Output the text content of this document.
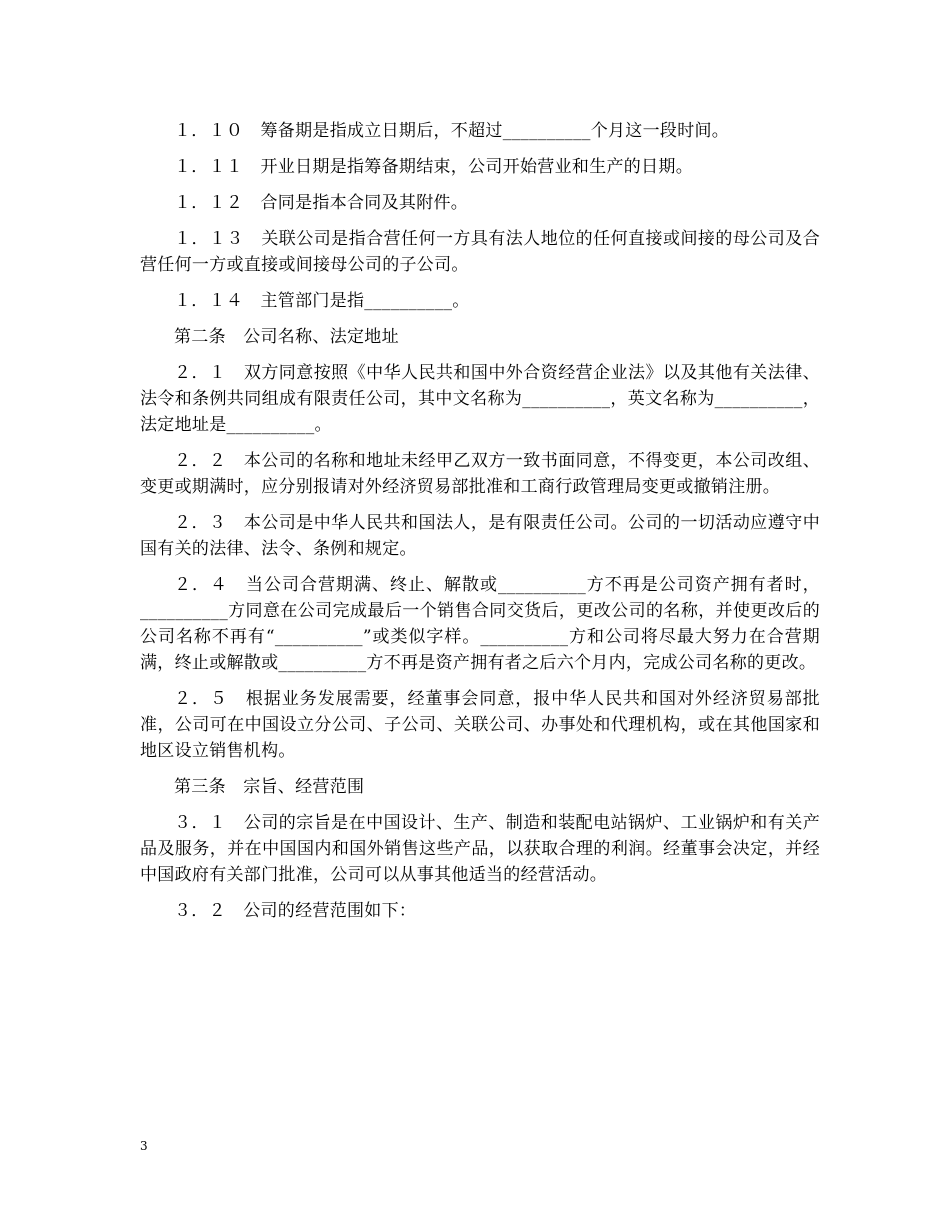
１．１０　筹备期是指成立日期后，不超过__________个月这一段时间。

１．１１　开业日期是指筹备期结束，公司开始营业和生产的日期。

１．１２　合同是指本合同及其附件。

１．１３　关联公司是指合营任何一方具有法人地位的任何直接或间接的母公司及合营任何一方或直接或间接母公司的子公司。

１．１４　主管部门是指__________。

第二条　公司名称、法定地址

２．１　双方同意按照《中华人民共和国中外合资经营企业法》以及其他有关法律、法令和条例共同组成有限责任公司，其中文名称为__________，英文名称为__________，法定地址是__________。

２．２　本公司的名称和地址未经甲乙双方一致书面同意，不得变更，本公司改组、变更或期满时，应分别报请对外经济贸易部批准和工商行政管理局变更或撤销注册。

２．３　本公司是中华人民共和国法人，是有限责任公司。公司的一切活动应遵守中国有关的法律、法令、条例和规定。

２．４　当公司合营期满、终止、解散或__________方不再是公司资产拥有者时，__________方同意在公司完成最后一个销售合同交货后，更改公司的名称，并使更改后的公司名称不再有“__________”或类似字样。__________方和公司将尽最大努力在合营期满，终止或解散或__________方不再是资产拥有者之后六个月内，完成公司名称的更改。

２．５　根据业务发展需要，经董事会同意，报中华人民共和国对外经济贸易部批准，公司可在中国设立分公司、子公司、关联公司、办事处和代理机构，或在其他国家和地区设立销售机构。

第三条　宗旨、经营范围

３．１　公司的宗旨是在中国设计、生产、制造和装配电站锅炉、工业锅炉和有关产品及服务，并在中国国内和国外销售这些产品，以获取合理的利润。经董事会决定，并经中国政府有关部门批准，公司可以从事其他适当的经营活动。

３．２　公司的经营范围如下：

3
